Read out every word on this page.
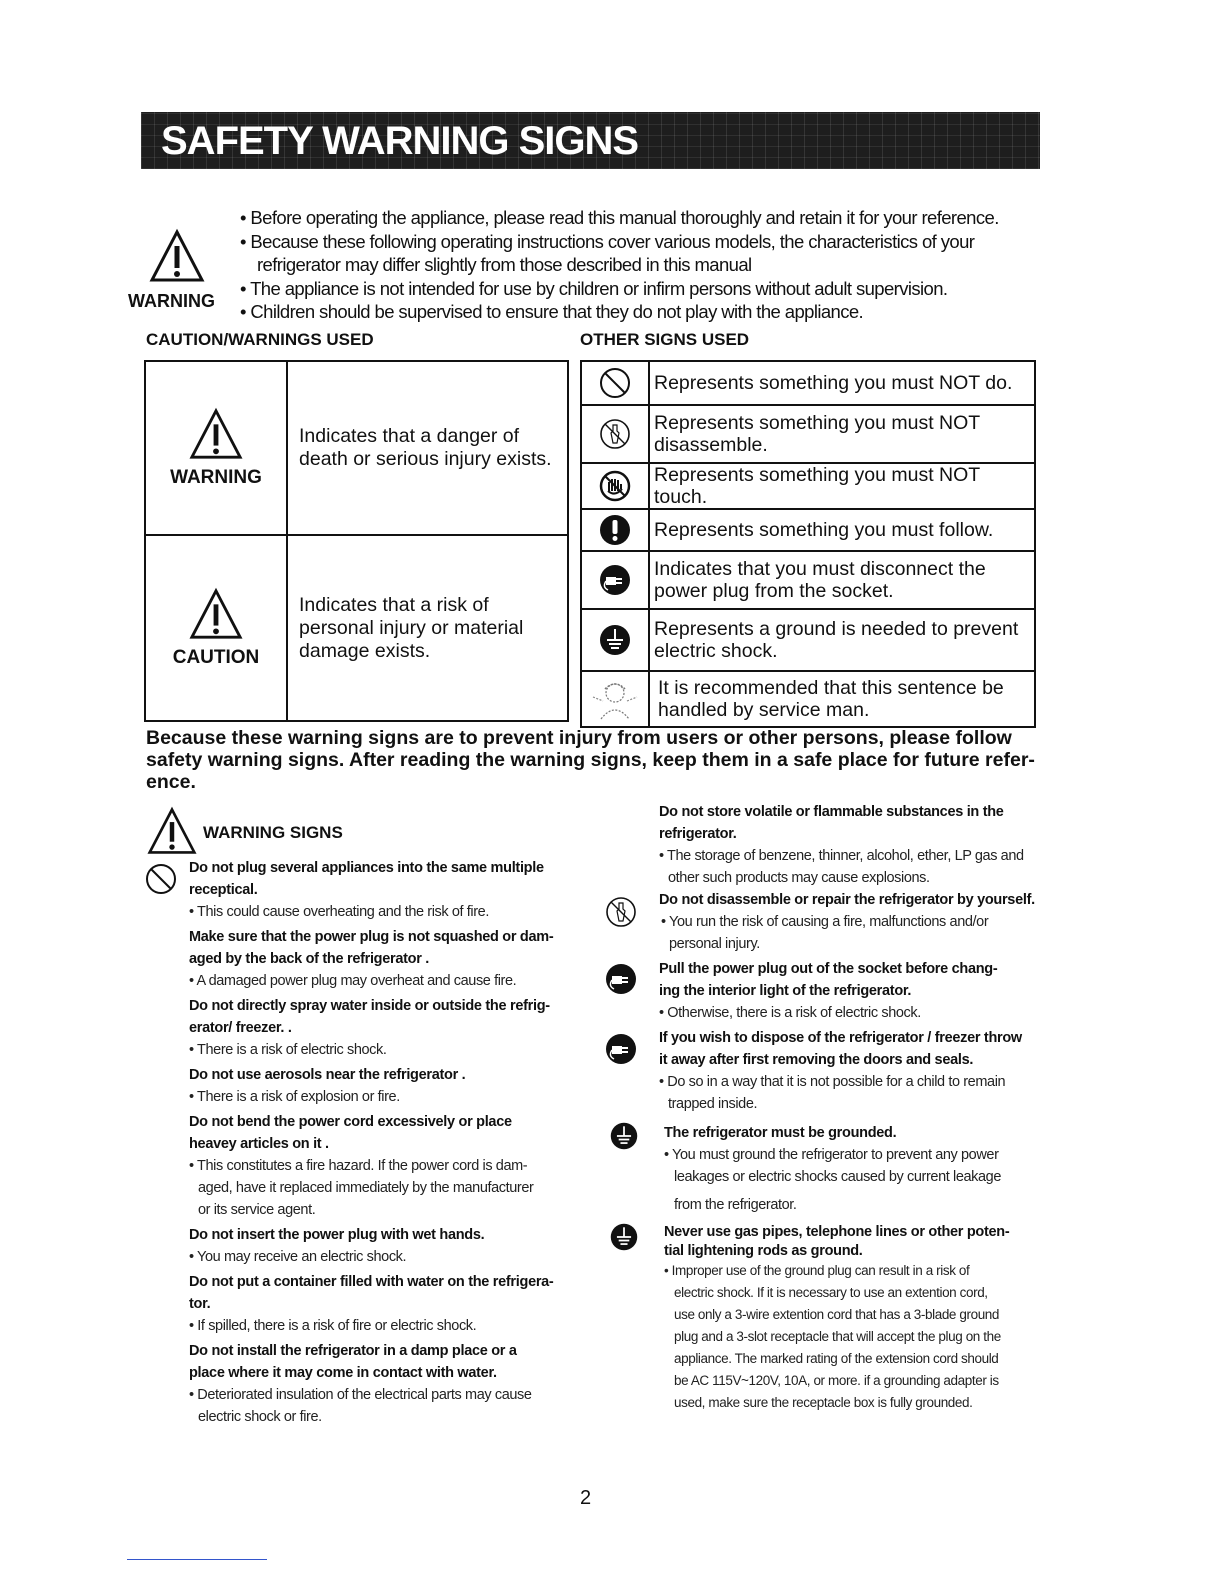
SAFETY WARNING SIGNS
WARNING
• Before operating the appliance, please read this manual thoroughly and retain it for your reference.
• Because these following operating instructions cover various models, the characteristics of your
refrigerator may differ slightly from those described in this manual
• The appliance is not intended for use by children or infirm persons without adult supervision.
• Children should be supervised to ensure that they do not play with the appliance.
CAUTION/WARNINGS USED	OTHER SIGNS USED
WARNING	Indicates that a danger of
death or serious injury exists.

CAUTION	Indicates that a risk of
personal injury or material
damage exists.

Represents something you must NOT do.

Represents something you must NOT
disassemble.

Represents something you must NOT touch.

Represents something you must follow.

Indicates that you must disconnect the
power plug from the socket.

Represents a ground is needed to prevent
electric shock.

It is recommended that this sentence be
handled by service man.
Because these warning signs are to prevent injury from users or other persons, please follow
safety warning signs. After reading the warning signs, keep them in a safe place for future refer-
ence.
WARNING SIGNS
Do not plug several appliances into the same multiple
receptical.
• This could cause overheating and the risk of fire.
Make sure that the power plug is not squashed or dam-
aged by the back of the refrigerator .
• A damaged power plug may overheat and cause fire.
Do not directly spray water inside or outside the refrig-
erator/ freezer. .
• There is a risk of electric shock.
Do not use aerosols near the refrigerator .
• There is a risk of explosion or fire.
Do not bend the power cord excessively or place
heavey articles on it .
• This constitutes a fire hazard. If the power cord is dam-
aged, have it replaced immediately by the manufacturer
or its service agent.
Do not insert the power plug with wet hands.
• You may receive an electric shock.
Do not put a container filled with water on the refrigera-
tor.
• If spilled, there is a risk of fire or electric shock.
Do not install the refrigerator in a damp place or a
place where it may come in contact with water.
• Deteriorated insulation of the electrical parts may cause
electric shock or fire.
Do not store volatile or flammable substances in the
refrigerator.
• The storage of benzene, thinner, alcohol, ether, LP gas and
other such products may cause explosions.
Do not disassemble or repair the refrigerator by yourself.
• You run the risk of causing a fire, malfunctions and/or
personal injury.
Pull the power plug out of the socket before chang-
ing the interior light of the refrigerator.
• Otherwise, there is a risk of electric shock.
If you wish to dispose of the refrigerator / freezer throw
it away after first removing the doors and seals.
• Do so in a way that it is not possible for a child to remain
trapped inside.
The refrigerator must be grounded.
• You must ground the refrigerator to prevent any power
leakages or electric shocks caused by current leakage
from the refrigerator.
Never use gas pipes, telephone lines or other poten-
tial lightening rods as ground.
• Improper use of the ground plug can result in a risk of
electric shock. If it is necessary to use an extention cord,
use only a 3-wire extention cord that has a 3-blade ground
plug and a 3-slot receptacle that will accept the plug on the
appliance. The marked rating of the extension cord should
be AC 115V~120V, 10A, or more. if a grounding adapter is
used, make sure the receptacle box is fully grounded.
2
